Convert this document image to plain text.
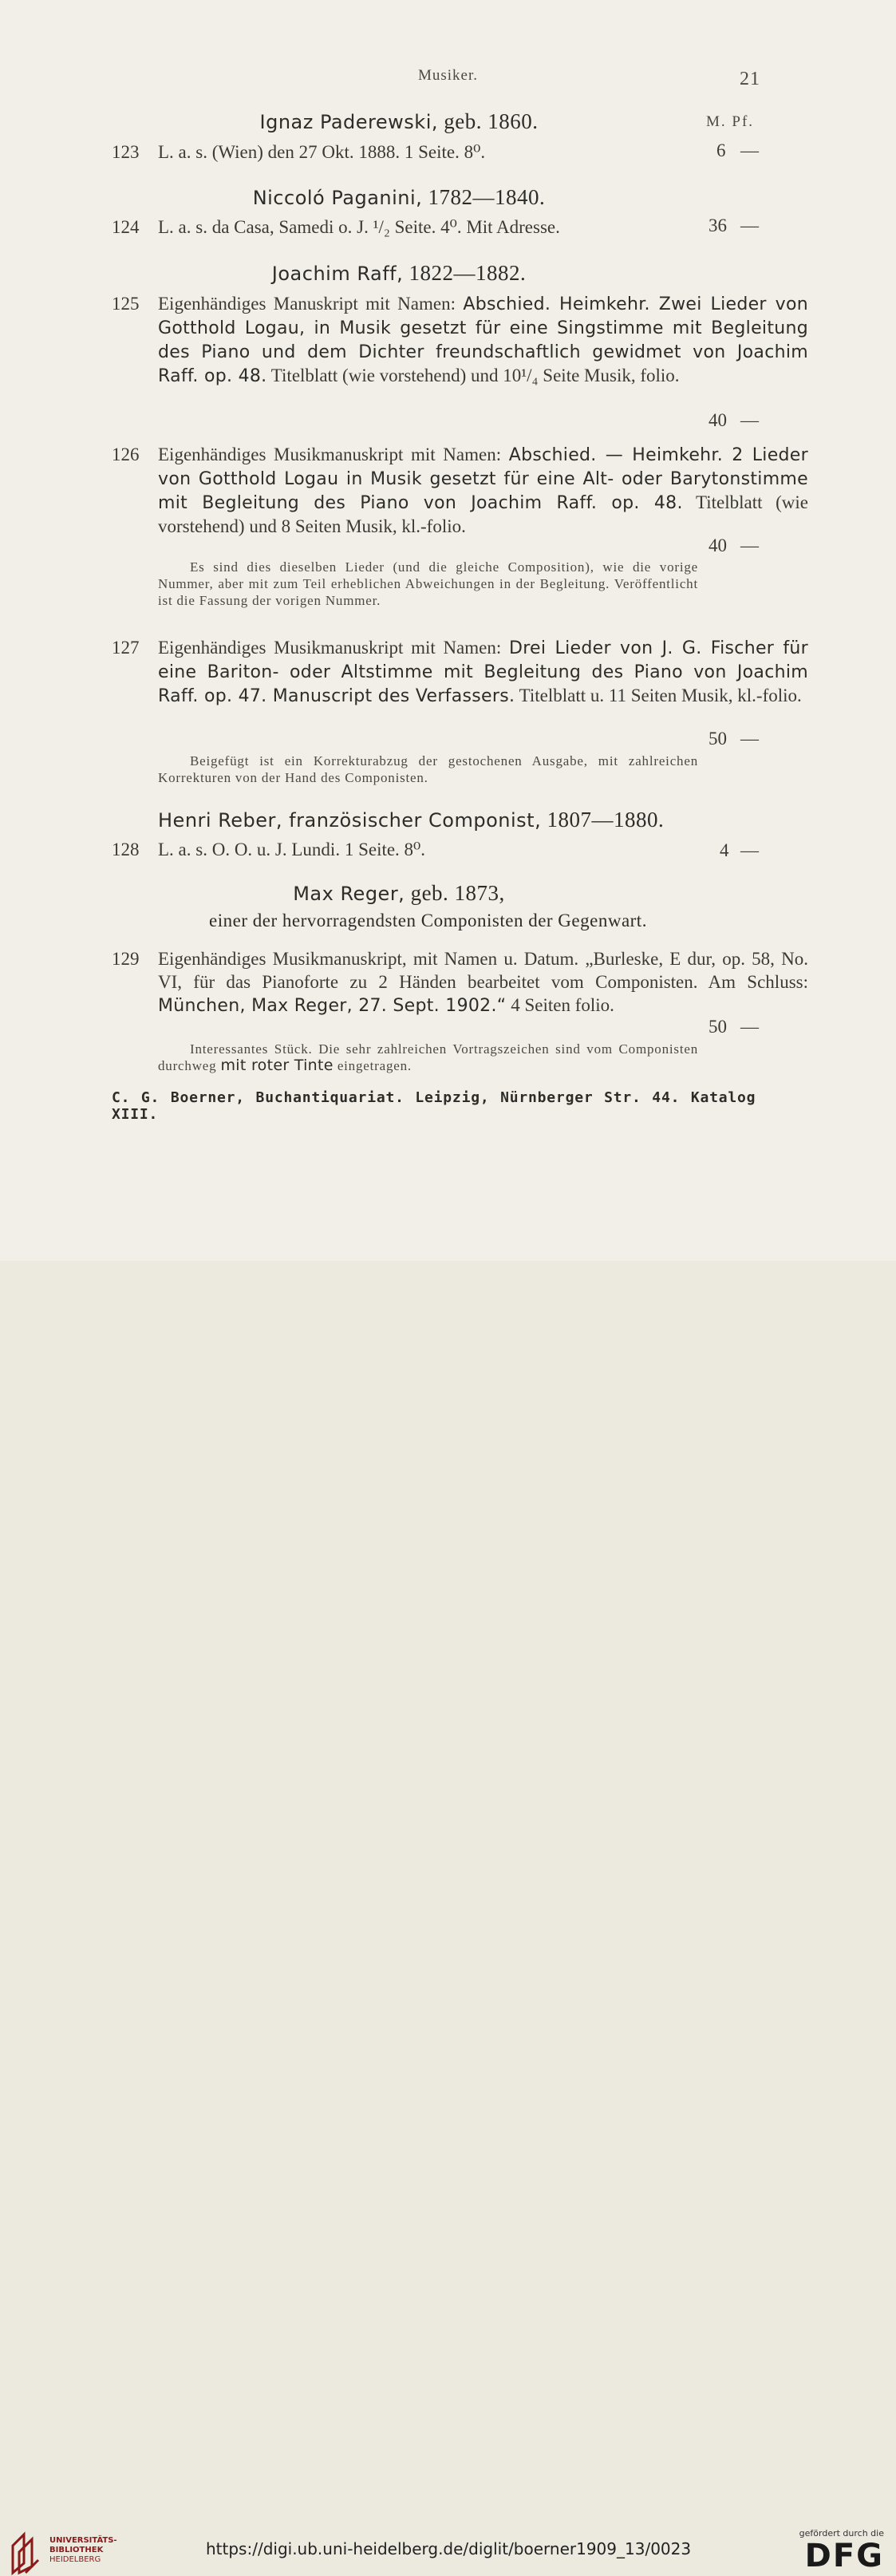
Musiker.	21
Ignaz Paderewski, geb. 1860.	M. Pf.
123 L. a. s. (Wien) den 27 Okt. 1888. 1 Seite. 8⁰.	6 —
Niccoló Paganini, 1782—1840.
124 L. a. s. da Casa, Samedi o. J. ¹/₂ Seite. 4⁰. Mit Adresse.	36 —
Joachim Raff, 1822—1882.
125 Eigenhändiges Manuskript mit Namen: Abschied. Heimkehr. Zwei Lieder von Gotthold Logau, in Musik gesetzt für eine Singstimme mit Begleitung des Piano und dem Dichter freundschaftlich gewidmet von Joachim Raff. op. 48. Titelblatt (wie vorstehend) und 10¹/₄ Seite Musik, folio.
40 —
126 Eigenhändiges Musikmanuskript mit Namen: Abschied. — Heimkehr. 2 Lieder von Gotthold Logau in Musik gesetzt für eine Alt- oder Barytonstimme mit Begleitung des Piano von Joachim Raff. op. 48. Titelblatt (wie vorstehend) und 8 Seiten Musik, kl.-folio.
40 —
Es sind dies dieselben Lieder (und die gleiche Composition), wie die vorige Nummer, aber mit zum Teil erheblichen Abweichungen in der Begleitung. Veröffentlicht ist die Fassung der vorigen Nummer.
127 Eigenhändiges Musikmanuskript mit Namen: Drei Lieder von J. G. Fischer für eine Bariton- oder Altstimme mit Begleitung des Piano von Joachim Raff. op. 47. Manuscript des Verfassers. Titelblatt u. 11 Seiten Musik, kl.-folio.
50 —
Beigefügt ist ein Korrekturabzug der gestochenen Ausgabe, mit zahlreichen Korrekturen von der Hand des Componisten.
Henri Reber, französischer Componist, 1807—1880.
128 L. a. s. O. O. u. J. Lundi. 1 Seite. 8⁰.	4 —
Max Reger, geb. 1873,
einer der hervorragendsten Componisten der Gegenwart.
129 Eigenhändiges Musikmanuskript, mit Namen u. Datum. „Burleske, E dur, op. 58, No. VI, für das Pianoforte zu 2 Händen bearbeitet vom Componisten. Am Schluss: München, Max Reger, 27. Sept. 1902.“ 4 Seiten folio.
50 —
Interessantes Stück. Die sehr zahlreichen Vortragszeichen sind vom Componisten durchweg mit roter Tinte eingetragen.
C. G. Boerner, Buchantiquariat. Leipzig, Nürnberger Str. 44. Katalog XIII.
UNIVERSITÄTS-
BIBLIOTHEK
HEIDELBERG
https://digi.ub.uni-heidelberg.de/diglit/boerner1909_13/0023
gefördert durch die
DFG
